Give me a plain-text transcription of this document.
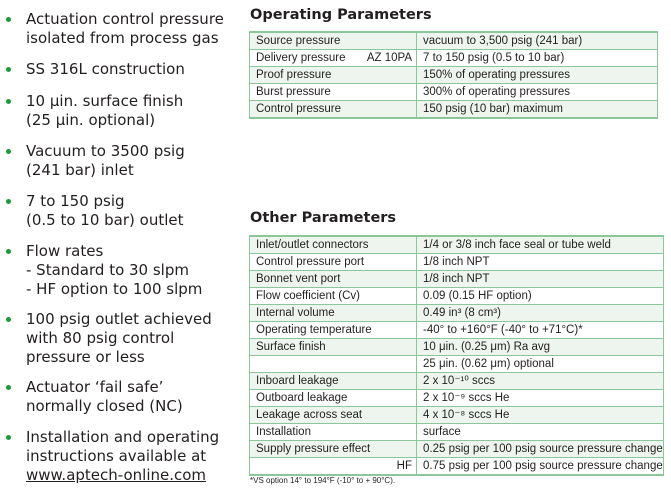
Actuation control pressure
isolated from process gas
SS 316L construction
10 μin. surface finish
(25 μin. optional)
Vacuum to 3500 psig
(241 bar) inlet
7 to 150 psig
(0.5 to 10 bar) outlet
Flow rates
- Standard to 30 slpm
- HF option to 100 slpm
100 psig outlet achieved
with 80 psig control
pressure or less
Actuator ‘fail safe’
normally closed (NC)
Installation and operating
instructions available at
www.aptech-online.com
Operating Parameters
Source pressure	vacuum to 3,500 psig (241 bar)
Delivery pressure AZ 10PA	7 to 150 psig (0.5 to 10 bar)
Proof pressure	150% of operating pressures
Burst pressure	300% of operating pressures
Control pressure	150 psig (10 bar) maximum
Other Parameters
Inlet/outlet connectors	1/4 or 3/8 inch face seal or tube weld
Control pressure port	1/8 inch NPT
Bonnet vent port	1/8 inch NPT
Flow coefficient (Cv)	0.09 (0.15 HF option)
Internal volume	0.49 in³ (8 cm³)
Operating temperature	-40° to +160°F (-40° to +71°C)*
Surface finish	10 μin. (0.25 μm) Ra avg
	25 μin. (0.62 μm) optional
Inboard leakage	2 x 10⁻¹⁰ sccs
Outboard leakage	2 x 10⁻⁹ sccs He
Leakage across seat	4 x 10⁻⁸ sccs He
Installation	surface
Supply pressure effect	0.25 psig per 100 psig source pressure change

HF	0.75 psig per 100 psig source pressure change
*VS option 14° to 194°F (-10° to + 90°C).
